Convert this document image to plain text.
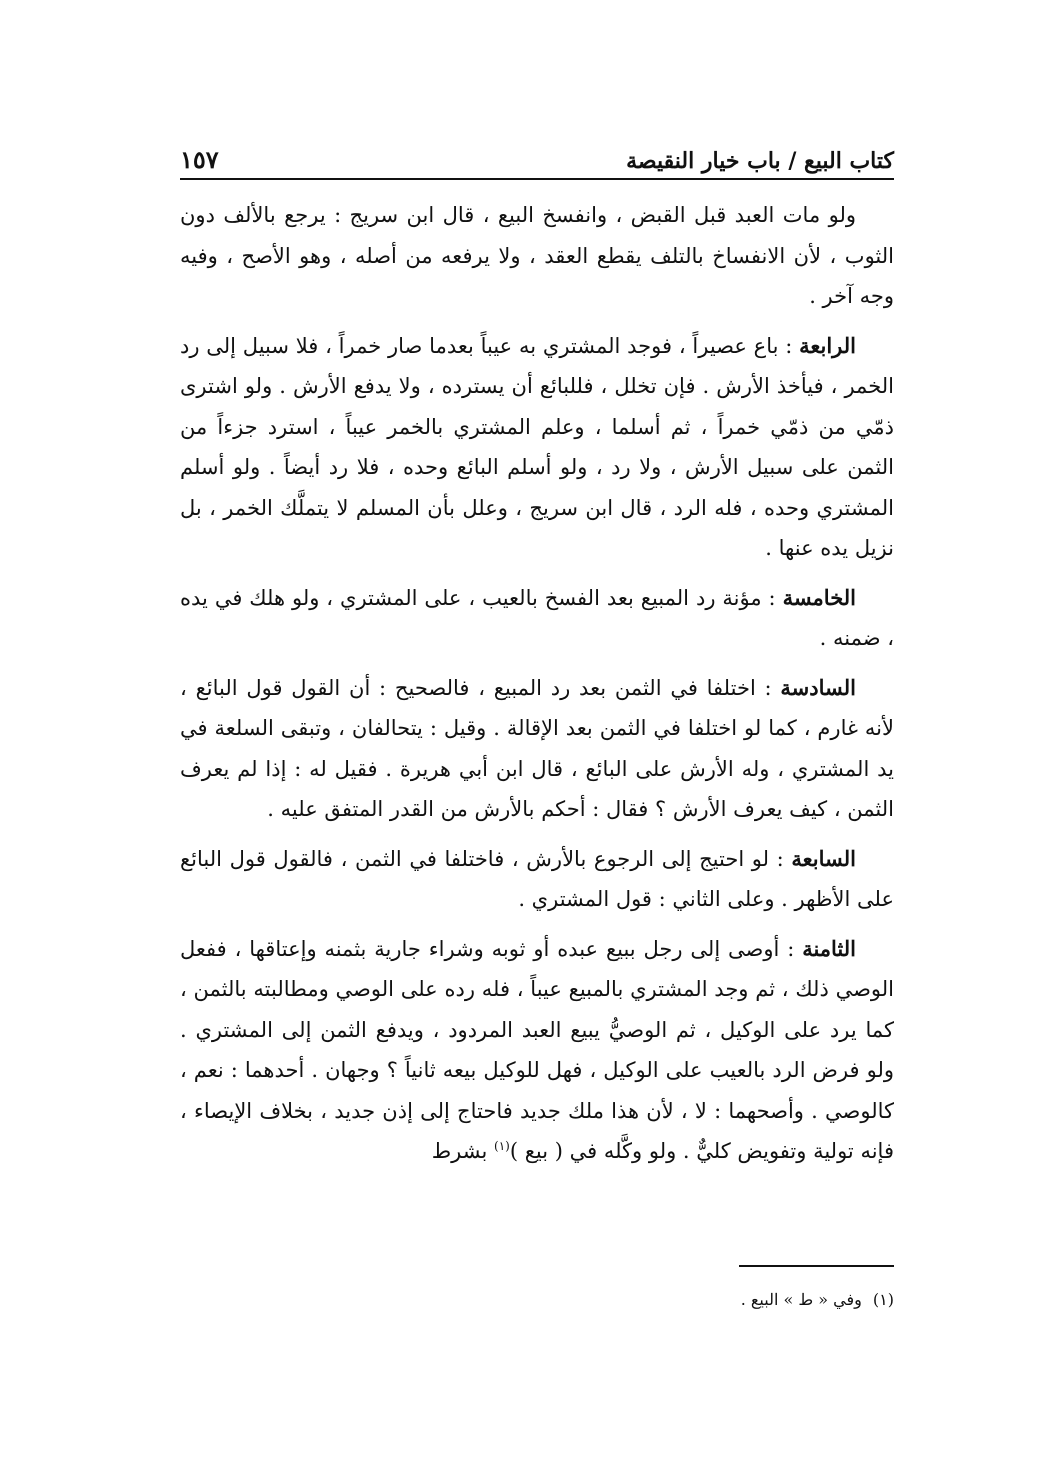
كتاب البيع / باب خيار النقيصة
١٥٧

ولو مات العبد قبل القبض ، وانفسخ البيع ، قال ابن سريج : يرجع بالألف دون الثوب ، لأن الانفساخ بالتلف يقطع العقد ، ولا يرفعه من أصله ، وهو الأصح ، وفيه وجه آخر .

الرابعة : باع عصيراً ، فوجد المشتري به عيباً بعدما صار خمراً ، فلا سبيل إلى رد الخمر ، فيأخذ الأرش . فإن تخلل ، فللبائع أن يسترده ، ولا يدفع الأرش . ولو اشترى ذمّي من ذمّي خمراً ، ثم أسلما ، وعلم المشتري بالخمر عيباً ، استرد جزءاً من الثمن على سبيل الأرش ، ولا رد ، ولو أسلم البائع وحده ، فلا رد أيضاً . ولو أسلم المشتري وحده ، فله الرد ، قال ابن سريج ، وعلل بأن المسلم لا يتملَّك الخمر ، بل نزيل يده عنها .

الخامسة : مؤنة رد المبيع بعد الفسخ بالعيب ، على المشتري ، ولو هلك في يده ، ضمنه .

السادسة : اختلفا في الثمن بعد رد المبيع ، فالصحيح : أن القول قول البائع ، لأنه غارم ، كما لو اختلفا في الثمن بعد الإقالة . وقيل : يتحالفان ، وتبقى السلعة في يد المشتري ، وله الأرش على البائع ، قال ابن أبي هريرة . فقيل له : إذا لم يعرف الثمن ، كيف يعرف الأرش ؟ فقال : أحكم بالأرش من القدر المتفق عليه .

السابعة : لو احتيج إلى الرجوع بالأرش ، فاختلفا في الثمن ، فالقول قول البائع على الأظهر . وعلى الثاني : قول المشتري .

الثامنة : أوصى إلى رجل ببيع عبده أو ثوبه وشراء جارية بثمنه وإعتاقها ، ففعل الوصي ذلك ، ثم وجد المشتري بالمبيع عيباً ، فله رده على الوصي ومطالبته بالثمن ، كما يرد على الوكيل ، ثم الوصيُّ يبيع العبد المردود ، ويدفع الثمن إلى المشتري . ولو فرض الرد بالعيب على الوكيل ، فهل للوكيل بيعه ثانياً ؟ وجهان . أحدهما : نعم ، كالوصي . وأصحهما : لا ، لأن هذا ملك جديد فاحتاج إلى إذن جديد ، بخلاف الإيصاء ، فإنه تولية وتفويض كليٌّ . ولو وكَّله في ( بيع )$^{(١)}$ بشرط

(١) وفي « ط » البيع .
